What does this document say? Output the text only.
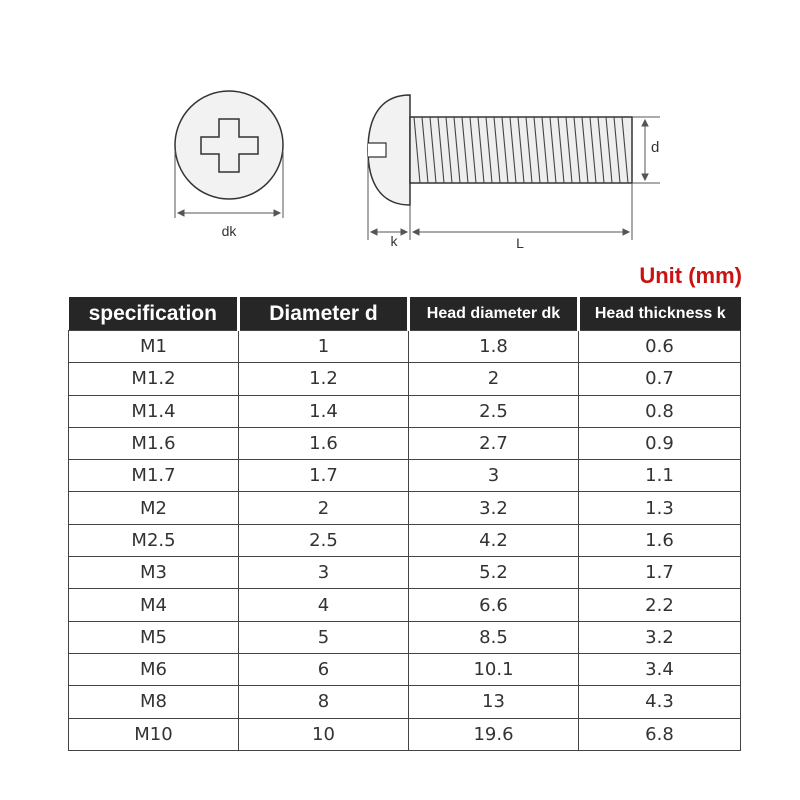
dk
d
k	L
Unit (mm)
specification	Diameter d	Head diameter dk	Head thickness k
M1	1	1.8	0.6
M1.2	1.2	2	0.7
M1.4	1.4	2.5	0.8
M1.6	1.6	2.7	0.9
M1.7	1.7	3	1.1
M2	2	3.2	1.3
M2.5	2.5	4.2	1.6
M3	3	5.2	1.7
M4	4	6.6	2.2
M5	5	8.5	3.2
M6	6	10.1	3.4
M8	8	13	4.3
M10	10	19.6	6.8
